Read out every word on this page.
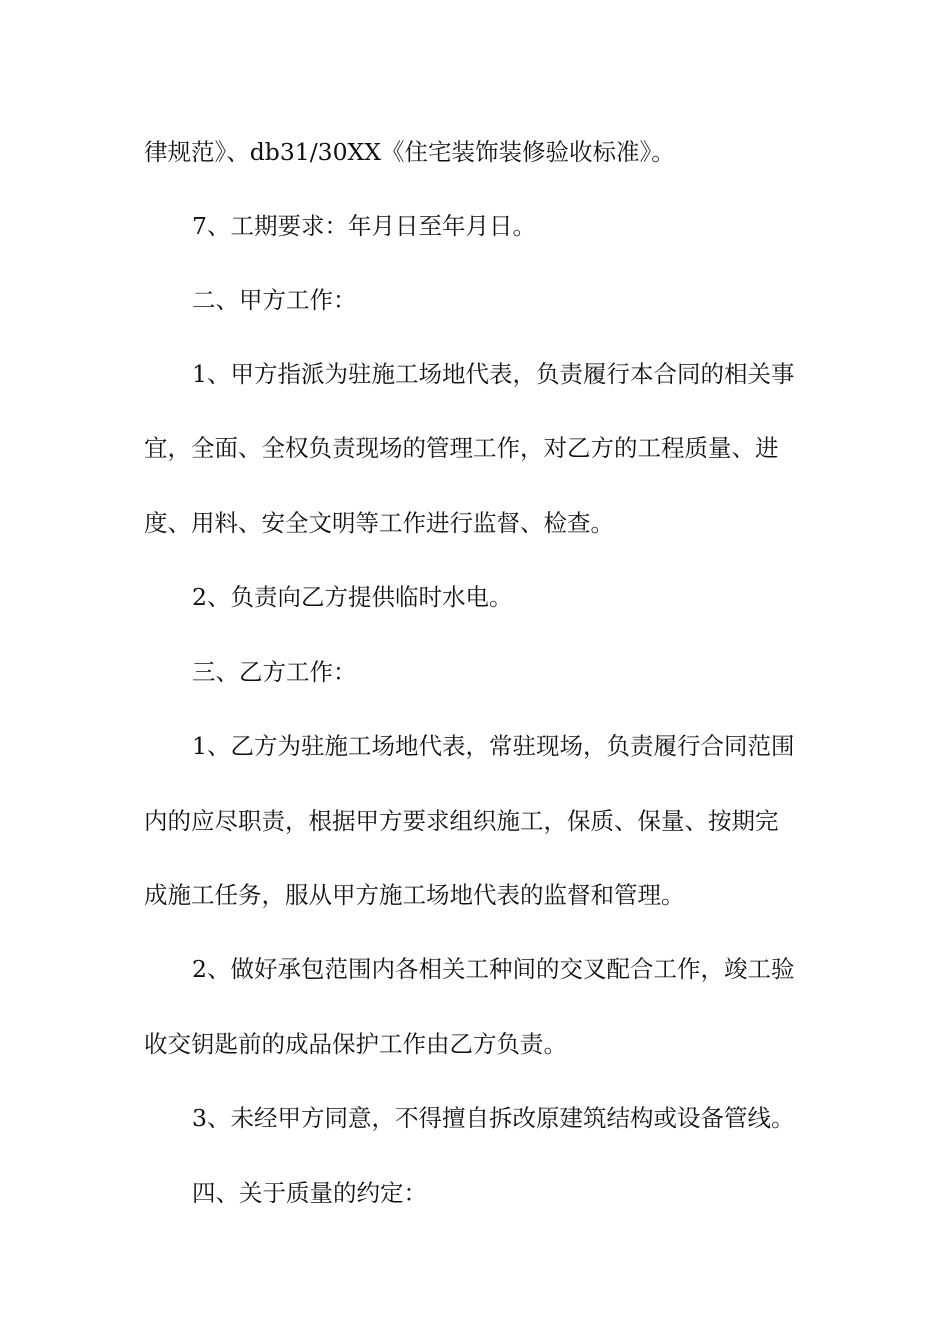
律规范》、db31/30XX《住宅装饰装修验收标准》。
7、工期要求：年月日至年月日。
二、甲方工作：
1、甲方指派为驻施工场地代表，负责履行本合同的相关事
宜，全面、全权负责现场的管理工作，对乙方的工程质量、进
度、用料、安全文明等工作进行监督、检查。
2、负责向乙方提供临时水电。
三、乙方工作：
1、乙方为驻施工场地代表，常驻现场，负责履行合同范围
内的应尽职责，根据甲方要求组织施工，保质、保量、按期完
成施工任务，服从甲方施工场地代表的监督和管理。
2、做好承包范围内各相关工种间的交叉配合工作，竣工验
收交钥匙前的成品保护工作由乙方负责。
3、未经甲方同意，不得擅自拆改原建筑结构或设备管线。
四、关于质量的约定：
